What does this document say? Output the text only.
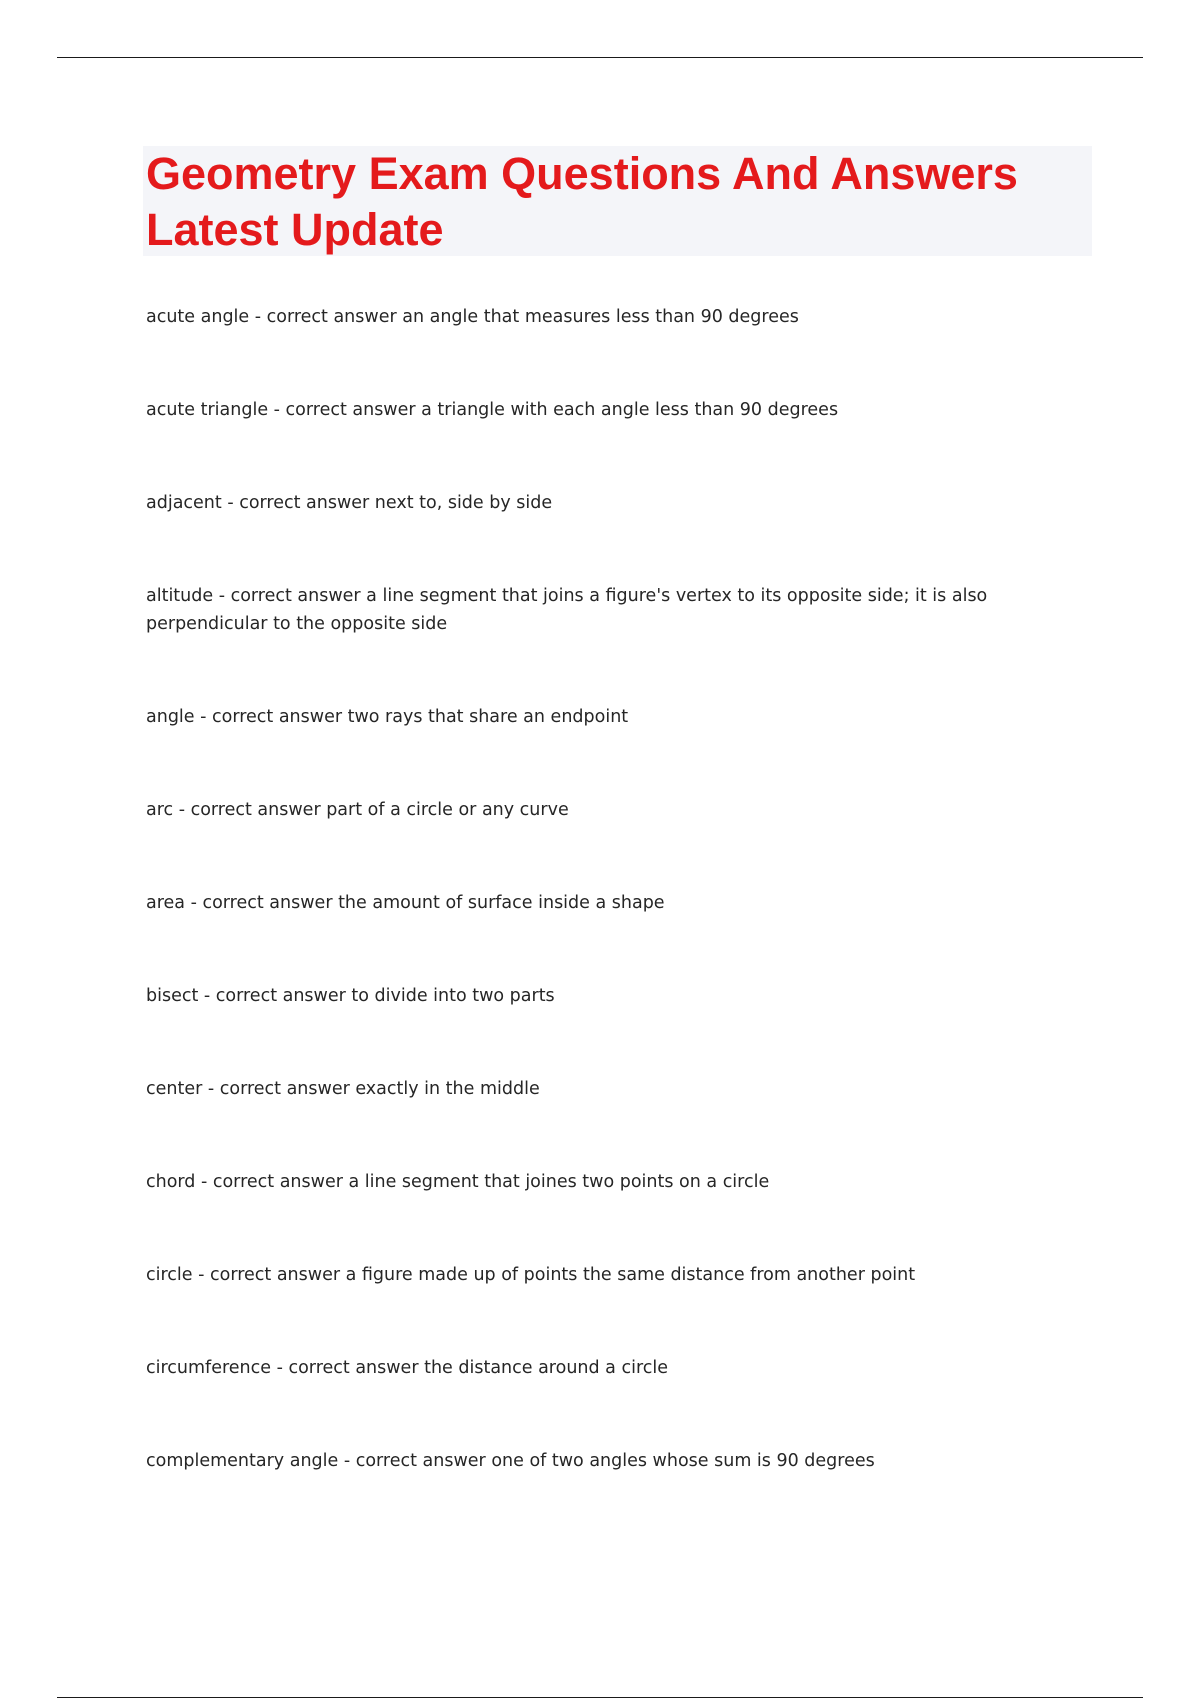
Geometry Exam Questions And Answers
Latest Update
acute angle - correct answer an angle that measures less than 90 degrees
acute triangle - correct answer a triangle with each angle less than 90 degrees
adjacent - correct answer next to, side by side
altitude - correct answer a line segment that joins a figure's vertex to its opposite side; it is also perpendicular to the opposite side
angle - correct answer two rays that share an endpoint
arc - correct answer part of a circle or any curve
area - correct answer the amount of surface inside a shape
bisect - correct answer to divide into two parts
center - correct answer exactly in the middle
chord - correct answer a line segment that joines two points on a circle
circle - correct answer a figure made up of points the same distance from another point
circumference - correct answer the distance around a circle
complementary angle - correct answer one of two angles whose sum is 90 degrees
